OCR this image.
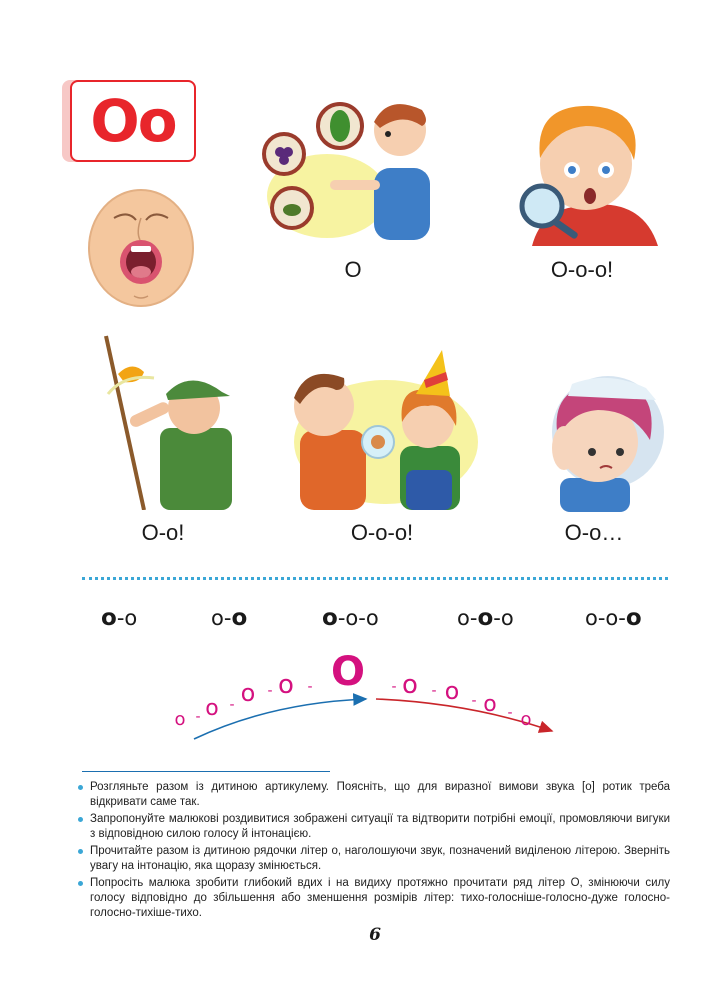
Оо
О	О-о-о!
О-о!	О-о-о!	О-о…
о-о	о-о	о-о-о	о-о-о	о-о-о
о - о - о - о - О - о - о - о - о
Розгляньте разом із дитиною артикулему. Поясніть, що для виразної вимови звука [о] ротик треба відкривати саме так.
Запропонуйте малюкові роздивитися зображені ситуації та відтворити потрібні емоції, промовляючи вигуки з відповідною силою голосу й інтонацією.
Прочитайте разом із дитиною рядочки літер о, наголошуючи звук, позначений виділеною літерою. Зверніть увагу на інтонацію, яка щоразу змінюється.
Попросіть малюка зробити глибокий вдих і на видиху протяжно прочитати ряд літер О, змінюючи силу голосу відповідно до збільшення або зменшення розмірів літер: тихо-голосніше-голосно-дуже голосно-голосно-тихіше-тихо.
6
